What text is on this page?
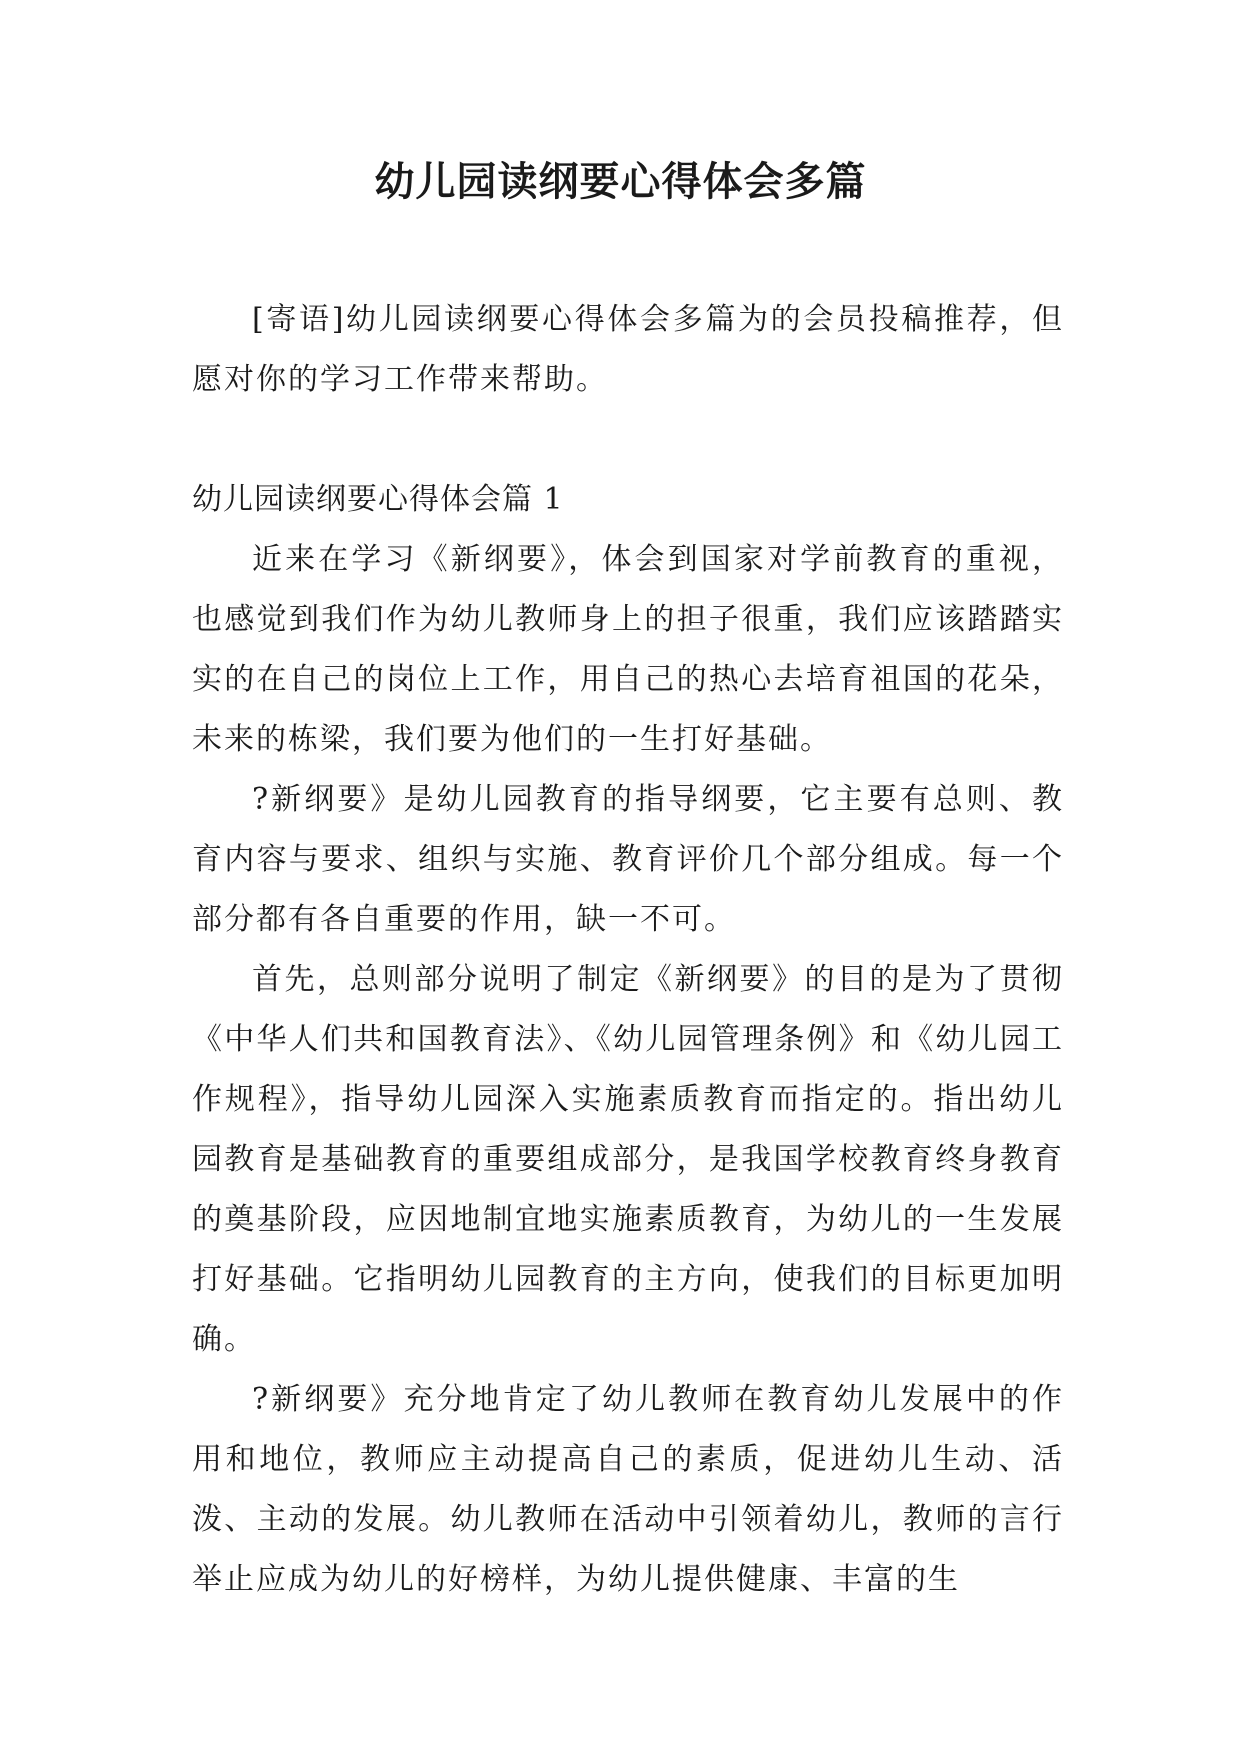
幼儿园读纲要心得体会多篇

[寄语]幼儿园读纲要心得体会多篇为的会员投稿推荐，但愿对你的学习工作带来帮助。

幼儿园读纲要心得体会篇 1

近来在学习《新纲要》，体会到国家对学前教育的重视，也感觉到我们作为幼儿教师身上的担子很重，我们应该踏踏实实的在自己的岗位上工作，用自己的热心去培育祖国的花朵，未来的栋梁，我们要为他们的一生打好基础。

?新纲要》是幼儿园教育的指导纲要，它主要有总则、教育内容与要求、组织与实施、教育评价几个部分组成。每一个部分都有各自重要的作用，缺一不可。

首先，总则部分说明了制定《新纲要》的目的是为了贯彻《中华人们共和国教育法》、《幼儿园管理条例》和《幼儿园工作规程》，指导幼儿园深入实施素质教育而指定的。指出幼儿园教育是基础教育的重要组成部分，是我国学校教育终身教育的奠基阶段，应因地制宜地实施素质教育，为幼儿的一生发展打好基础。它指明幼儿园教育的主方向，使我们的目标更加明确。

?新纲要》充分地肯定了幼儿教师在教育幼儿发展中的作用和地位，教师应主动提高自己的素质，促进幼儿生动、活泼、主动的发展。幼儿教师在活动中引领着幼儿，教师的言行举止应成为幼儿的好榜样，为幼儿提供健康、丰富的生
